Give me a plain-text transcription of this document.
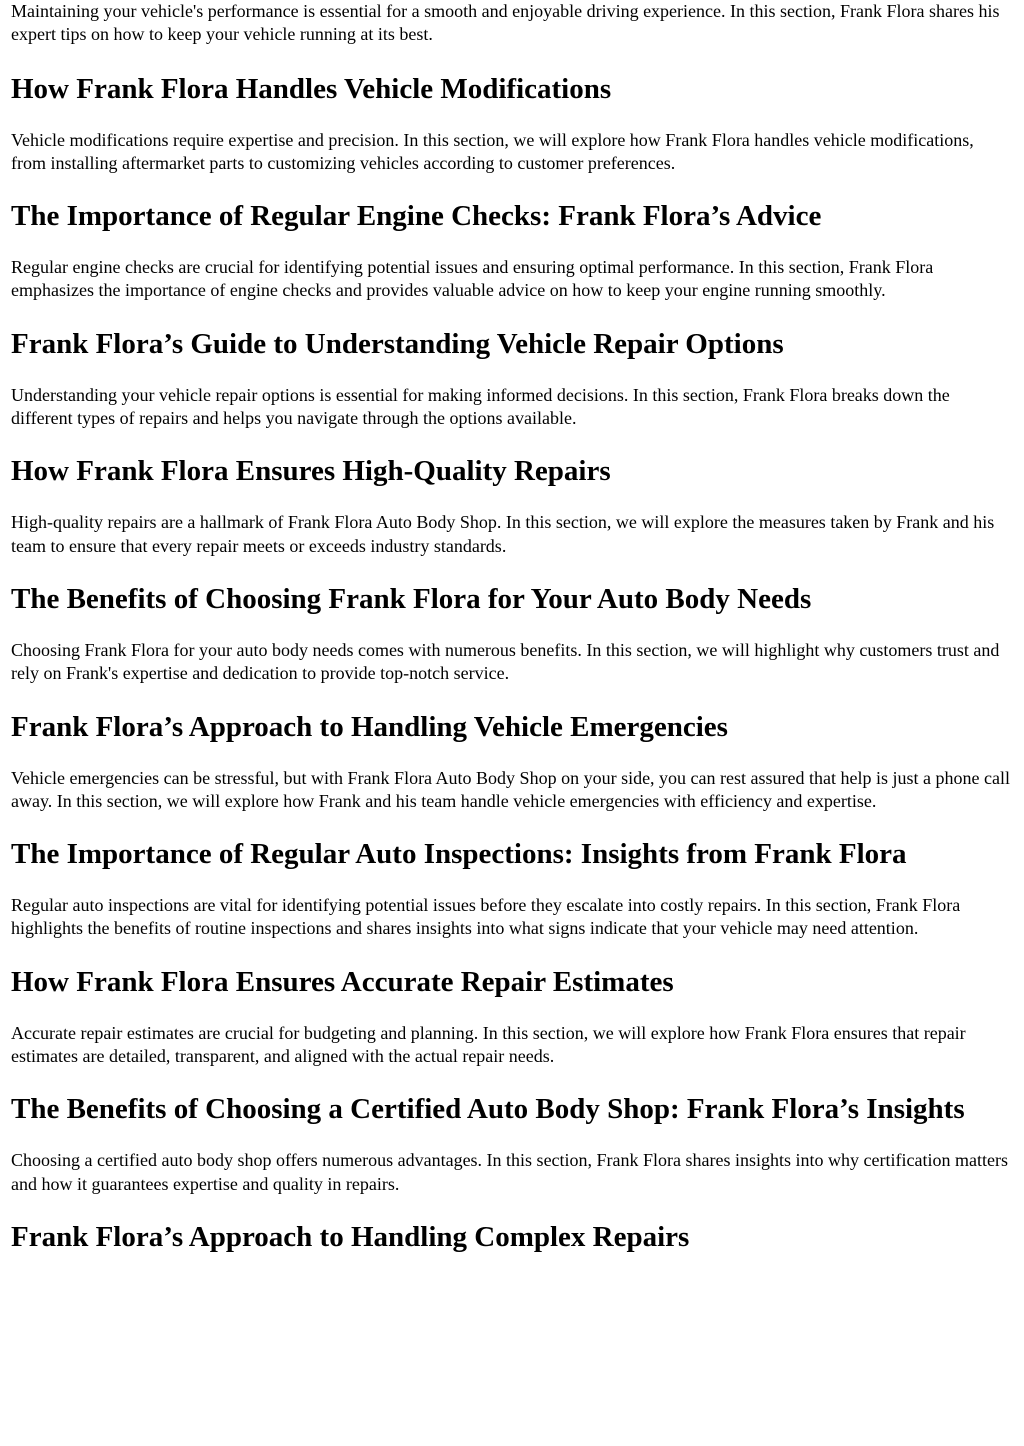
Maintaining your vehicle's performance is essential for a smooth and enjoyable driving experience. In this section, Frank Flora shares his expert tips on how to keep your vehicle running at its best.

How Frank Flora Handles Vehicle Modifications

Vehicle modifications require expertise and precision. In this section, we will explore how Frank Flora handles vehicle modifications, from installing aftermarket parts to customizing vehicles according to customer preferences.

The Importance of Regular Engine Checks: Frank Flora’s Advice

Regular engine checks are crucial for identifying potential issues and ensuring optimal performance. In this section, Frank Flora emphasizes the importance of engine checks and provides valuable advice on how to keep your engine running smoothly.

Frank Flora’s Guide to Understanding Vehicle Repair Options

Understanding your vehicle repair options is essential for making informed decisions. In this section, Frank Flora breaks down the different types of repairs and helps you navigate through the options available.

How Frank Flora Ensures High-Quality Repairs

High-quality repairs are a hallmark of Frank Flora Auto Body Shop. In this section, we will explore the measures taken by Frank and his team to ensure that every repair meets or exceeds industry standards.

The Benefits of Choosing Frank Flora for Your Auto Body Needs

Choosing Frank Flora for your auto body needs comes with numerous benefits. In this section, we will highlight why customers trust and rely on Frank's expertise and dedication to provide top-notch service.

Frank Flora’s Approach to Handling Vehicle Emergencies

Vehicle emergencies can be stressful, but with Frank Flora Auto Body Shop on your side, you can rest assured that help is just a phone call away. In this section, we will explore how Frank and his team handle vehicle emergencies with efficiency and expertise.

The Importance of Regular Auto Inspections: Insights from Frank Flora

Regular auto inspections are vital for identifying potential issues before they escalate into costly repairs. In this section, Frank Flora highlights the benefits of routine inspections and shares insights into what signs indicate that your vehicle may need attention.

How Frank Flora Ensures Accurate Repair Estimates

Accurate repair estimates are crucial for budgeting and planning. In this section, we will explore how Frank Flora ensures that repair estimates are detailed, transparent, and aligned with the actual repair needs.

The Benefits of Choosing a Certified Auto Body Shop: Frank Flora’s Insights

Choosing a certified auto body shop offers numerous advantages. In this section, Frank Flora shares insights into why certification matters and how it guarantees expertise and quality in repairs.

Frank Flora’s Approach to Handling Complex Repairs
